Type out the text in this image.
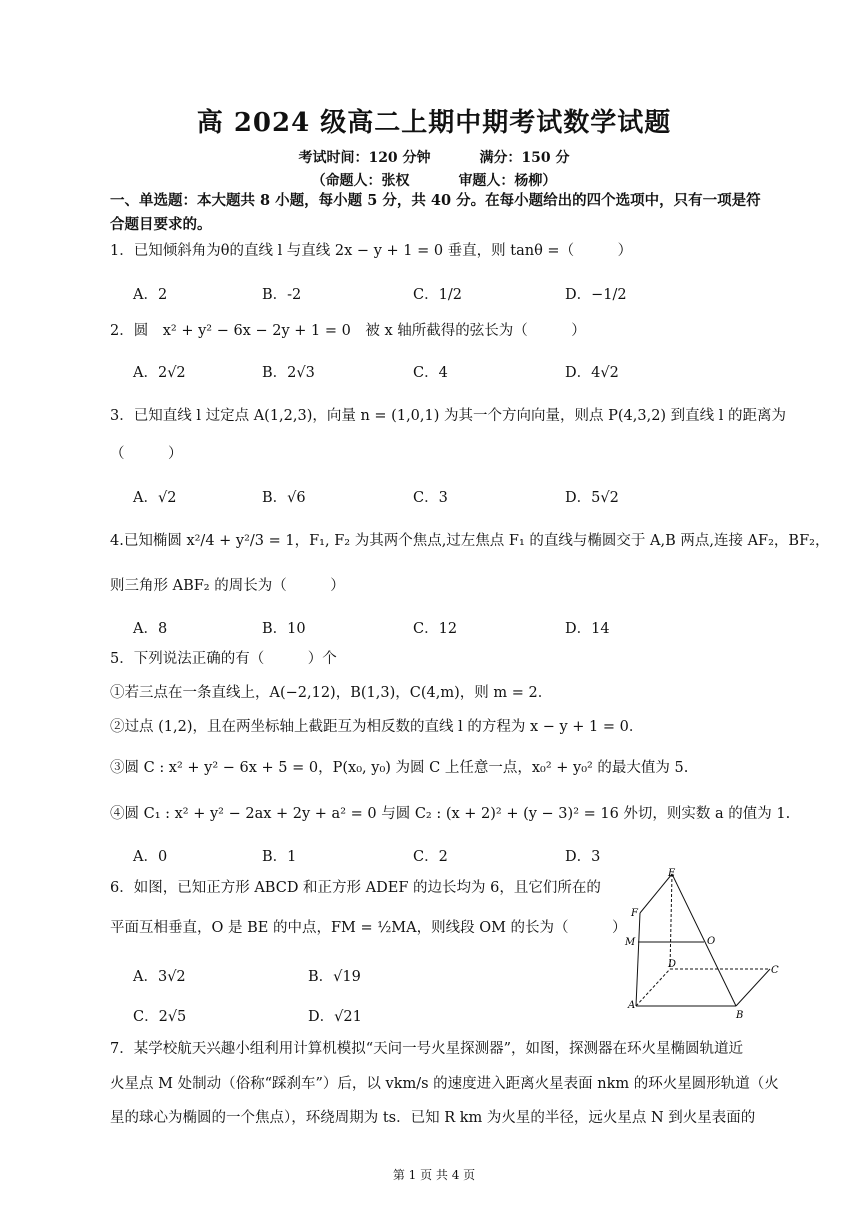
高 2024 级高二上期中期考试数学试题
考试时间：120 分钟	满分：150 分
（命题人：张权	审题人：杨柳）
一、单选题：本大题共 8 小题，每小题 5 分，共 40 分。在每小题给出的四个选项中，只有一项是符合题目要求的。
1．已知倾斜角为θ的直线 l 与直线 2x − y + 1 = 0 垂直，则 tanθ =（　　　）
A．2	B．-2	C．1/2	D．−1/2
2．圆　x² + y² − 6x − 2y + 1 = 0　被 x 轴所截得的弦长为（　　　）
A．2√2	B．2√3	C．4	D．4√2
3．已知直线 l 过定点 A(1,2,3)，向量 n = (1,0,1) 为其一个方向向量，则点 P(4,3,2) 到直线 l 的距离为
（　　　）
A．√2	B．√6	C．3	D．5√2
4.已知椭圆 x²/4 + y²/3 = 1，F₁, F₂ 为其两个焦点,过左焦点 F₁ 的直线与椭圆交于 A,B 两点,连接 AF₂，BF₂，
则三角形 ABF₂ 的周长为（　　　）
A．8	B．10	C．12	D．14
5．下列说法正确的有（　　　）个
①若三点在一条直线上，A(−2,12)，B(1,3)，C(4,m)，则 m = 2．
②过点 (1,2)，且在两坐标轴上截距互为相反数的直线 l 的方程为 x − y + 1 = 0．
③圆 C : x² + y² − 6x + 5 = 0，P(x₀, y₀) 为圆 C 上任意一点，x₀² + y₀² 的最大值为 5.
④圆 C₁ : x² + y² − 2ax + 2y + a² = 0 与圆 C₂ : (x + 2)² + (y − 3)² = 16 外切，则实数 a 的值为 1.
A．0	B．1	C．2	D．3
6．如图，已知正方形 ABCD 和正方形 ADEF 的边长均为 6，且它们所在的
平面互相垂直，O 是 BE 的中点，FM = ½MA，则线段 OM 的长为（　　　）
A．3√2	B．√19
C．2√5	D．√21
E
F
M	O
D
C
A
B
7．某学校航天兴趣小组利用计算机模拟“天问一号火星探测器”，如图，探测器在环火星椭圆轨道近
火星点 M 处制动（俗称“踩刹车”）后，以 vkm/s 的速度进入距离火星表面 nkm 的环火星圆形轨道（火
星的球心为椭圆的一个焦点），环绕周期为 ts．已知 R km 为火星的半径，远火星点 N 到火星表面的
第 1 页 共 4 页
